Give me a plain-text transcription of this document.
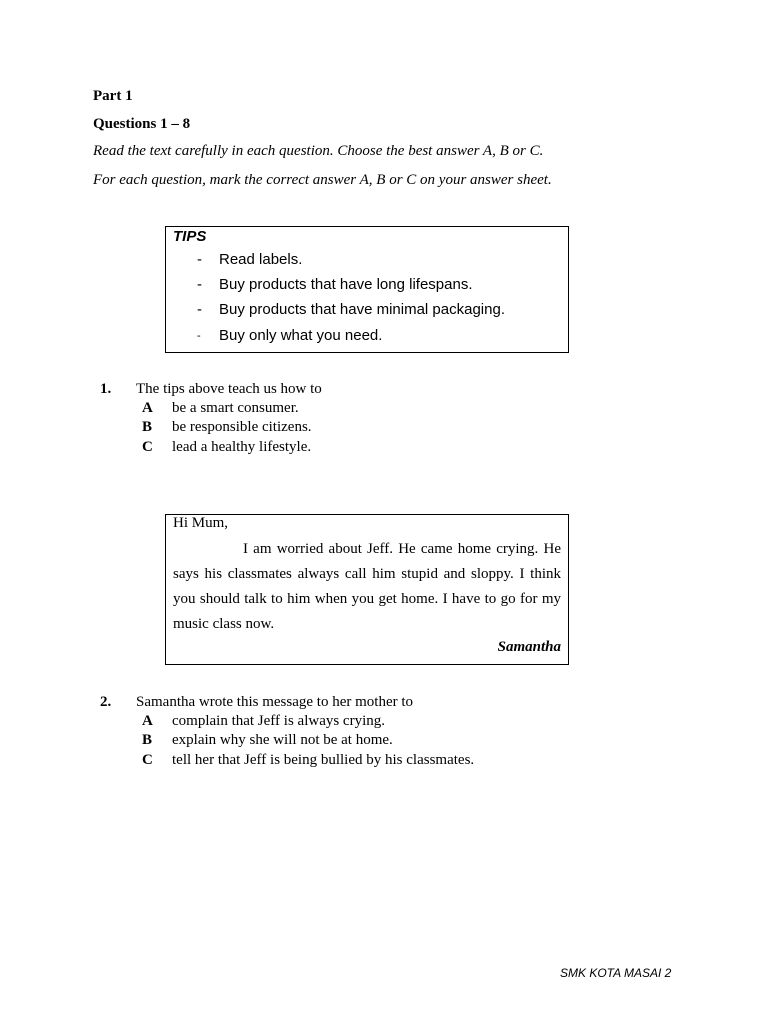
Part 1
Questions 1 – 8
Read the text carefully in each question. Choose the best answer A, B or C.
For each question, mark the correct answer A, B or C on your answer sheet.
TIPS
- Read labels.
- Buy products that have long lifespans.
- Buy products that have minimal packaging.
- Buy only what you need.
1. The tips above teach us how to
A be a smart consumer.
B be responsible citizens.
C lead a healthy lifestyle.
Hi Mum,
I am worried about Jeff. He came home crying. He says his classmates always call him stupid and sloppy. I think you should talk to him when you get home. I have to go for my music class now.
Samantha
2. Samantha wrote this message to her mother to
A complain that Jeff is always crying.
B explain why she will not be at home.
C tell her that Jeff is being bullied by his classmates.
SMK KOTA MASAI 2
